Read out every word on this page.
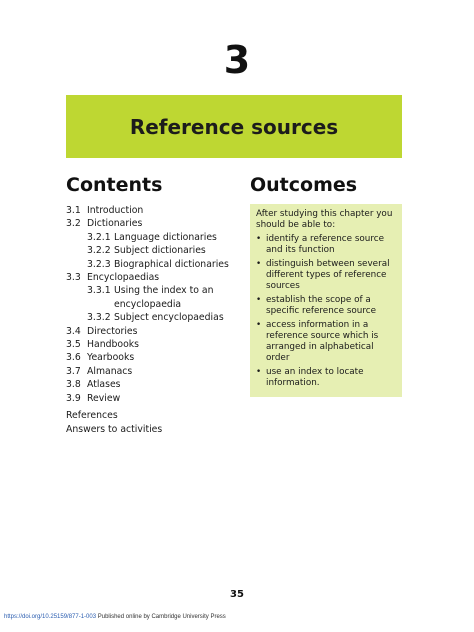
3
Reference sources
Contents
3.1 Introduction
3.2 Dictionaries
3.2.1 Language dictionaries
3.2.2 Subject dictionaries
3.2.3 Biographical dictionaries
3.3 Encyclopaedias
3.3.1 Using the index to an encyclopaedia
3.3.2 Subject encyclopaedias
3.4 Directories
3.5 Handbooks
3.6 Yearbooks
3.7 Almanacs
3.8 Atlases
3.9 Review
References
Answers to activities
Outcomes

After studying this chapter you should be able to:

• identify a reference source and its function
• distinguish between several different types of reference sources
• establish the scope of a specific reference source
• access information in a reference source which is arranged in alphabetical order
• use an index to locate information.
35
https://doi.org/10.25159/877-1-003 Published online by Cambridge University Press
